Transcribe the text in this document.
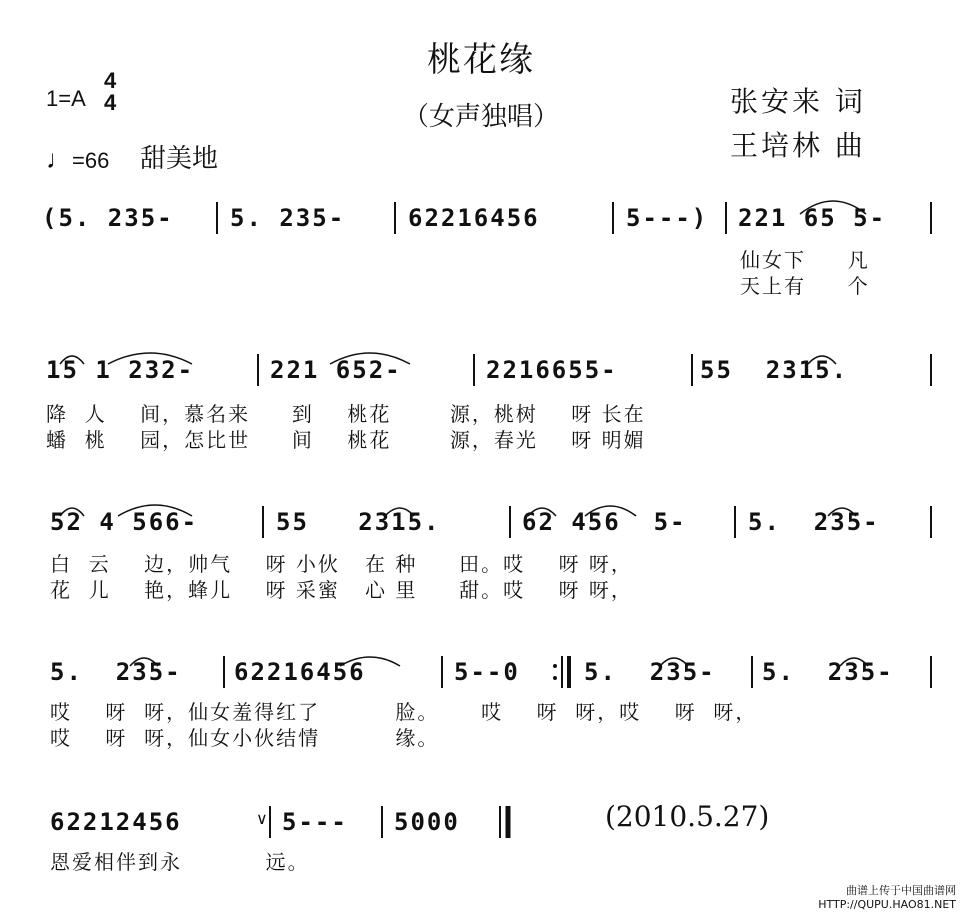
桃花缘
（女声独唱）
1=A
4
4
♩=66 甜美地
张安来 词
王培林 曲
(5. 235- 5. 235-	62216456	5---) 221 65 5-
仙女下     凡
天上有     个
15 1 232-	221 652-	2216655-	55  2315.
降  人    间，慕名来     到    桃花       源，桃树    呀 长在
蟠  桃    园，怎比世     间    桃花       源，春光    呀 明媚
52 4 566-	55   2315.	62 456  5-	5.  235-
白  云    边，帅气    呀 小伙   在 种     田。哎    呀 呀，
花  儿    艳，蜂儿    呀 采蜜   心 里     甜。哎    呀 呀，
5.  235- 62216456	5--0	5.  235- 5.  235-
哎    呀  呀，仙女羞得红了         脸。     哎    呀  呀，哎    呀  呀，
哎    呀  呀，仙女小伙结情         缘。
∨
62212456	5--- 5000
恩爱相伴到永          远。
(2010.5.27)
曲谱上传于中国曲谱网
HTTP://QUPU.HAO81.NET
